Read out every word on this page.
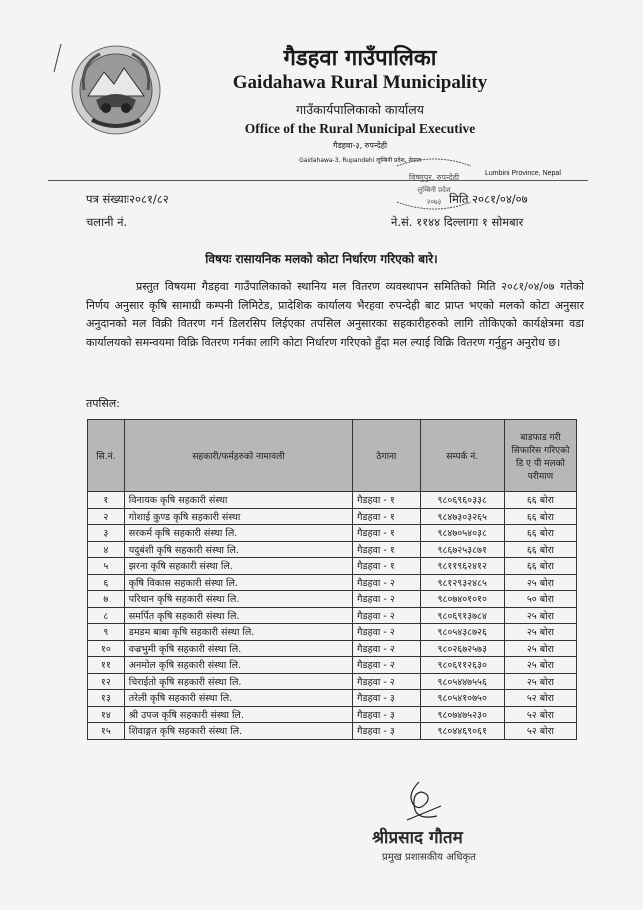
गैडहवा गाउँपालिका
Gaidahawa Rural Municipality
गाउँकार्यपालिकाको कार्यालय
Office of the Rural Municipal Executive
गैडहवा-३, रुपन्देही
Gaidahawa-3, Rupandehi लुम्बिनी प्रदेश, नेपाल
Lumbini Province, Nepal
विष्णुपुर, रुपन्देही
लुम्बिनी प्रदेश
२०७३
पत्र संख्याः२०८१/८२
चलानी नं.
मिति २०८१/०४/०७
ने.सं. ११४४ दिल्लागा १ सोमबार
विषयः रासायनिक मलको कोटा निर्धारण गरिएको बारे।
प्रस्तुत विषयमा गैडहवा गाउँपालिकाको स्थानिय मल वितरण व्यवस्थापन समितिको मिति २०८१/०४/०७ गतेको निर्णय अनुसार कृषि सामाग्री कम्पनी लिमिटेड, प्रादेशिक कार्यालय भैरहवा रुपन्देही बाट प्राप्त भएको मलको कोटा अनुसार अनुदानको मल विक्री वितरण गर्न डिलरसिप लिईएका तपसिल अनुसारका सहकारीहरुको लागि तोकिएको कार्यक्षेत्रमा वडा कार्यालयको समन्वयमा विक्रि वितरण गर्नका लागि कोटा निर्धारण गरिएको हुँदा मल ल्याई विक्रि वितरण गर्नुहुन अनुरोध छ।
तपसिल:
सि.नं.	सहकारी/फर्महरुको नामावली	ठेगाना	सम्पर्क नं.	बाडफाड गरी सिफारिस गरिएको डि ए पी मलको परीमाण
१	विनायक कृषि सहकारी संस्था	गैडहवा - १	९८०६९६०३३८	६६ बोरा
२	गोशाई कुण्ड कृषि सहकारी संस्था	गैडहवा - १	९८४७३०३२६५	६६ बोरा
३	सरकर्म कृषि सहकारी संस्था लि.	गैडहवा - १	९८४७०५४०३८	६६ बोरा
४	यदुबंशी कृषि सहकारी संस्था लि.	गैडहवा - १	९८६७२५३८७१	६६ बोरा
५	झरना कृषि सहकारी संस्था लि.	गैडहवा - १	९८११९६२४१२	६६ बोरा
६	कृषि विकास सहकारी संस्था लि.	गैडहवा - २	९८१२९३२४८५	२५ बोरा
७	परिधान कृषि सहकारी संस्था लि.	गैडहवा - २	९८०७४०१०१०	५० बोरा
८	समर्पित कृषि सहकारी संस्था लि.	गैडहवा - २	९८०६९१३७८४	२५ बोरा
९	डमडम बाबा कृषि सहकारी संस्था लि.	गैडहवा - २	९८०५४३८७२६	२५ बोरा
१०	वज्रभुमी कृषि सहकारी संस्था लि.	गैडहवा - २	९८०२६७२५७३	२५ बोरा
११	अनमोल कृषि सहकारी संस्था लि.	गैडहवा - २	९८०६११२६३०	२५ बोरा
१२	चिराईतो कृषि सहकारी संस्था लि.	गैडहवा - २	९८०५४४७५५६	२५ बोरा
१३	तरेली कृषि सहकारी संस्था लि.	गैडहवा - ३	९८०५४१०७५०	५२ बोरा
१४	श्री उपज कृषि सहकारी संस्था लि.	गैडहवा - ३	९८०७४७५२३०	५२ बोरा
१५	शिवाङ्गत कृषि सहकारी संस्था लि.	गैडहवा - ३	९८०४४६९०६१	५२ बोरा
श्रीप्रसाद गौतम
प्रमुख प्रशासकीय अधिकृत
